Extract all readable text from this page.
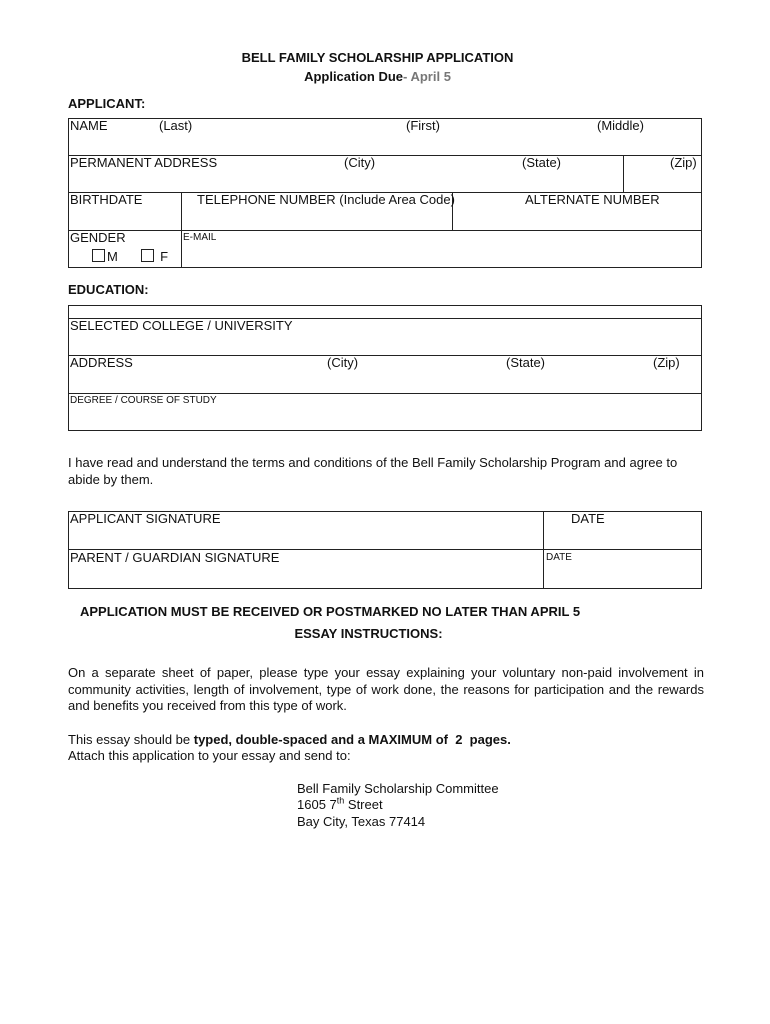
BELL FAMILY SCHOLARSHIP APPLICATION
Application Due- April 5
APPLICANT:
NAME	(Last)	(First)	(Middle)
PERMANENT ADDRESS	(City)	(State)	(Zip)
BIRTHDATE	TELEPHONE NUMBER (Include Area Code)	ALTERNATE NUMBER
GENDER
M	F
E-MAIL
EDUCATION:
SELECTED COLLEGE / UNIVERSITY
ADDRESS	(City)	(State)	(Zip)
DEGREE / COURSE OF STUDY
I have read and understand the terms and conditions of the Bell Family Scholarship Program and agree to abide by them.
APPLICANT SIGNATURE	DATE
PARENT / GUARDIAN SIGNATURE	DATE
APPLICATION MUST BE RECEIVED OR POSTMARKED NO LATER THAN APRIL 5
ESSAY INSTRUCTIONS:
On a separate sheet of paper, please type your essay explaining your voluntary non-paid involvement in community activities, length of involvement, type of work done, the reasons for participation and the rewards and benefits you received from this type of work.
This essay should be typed, double-spaced and a MAXIMUM of  2  pages.
Attach this application to your essay and send to:
Bell Family Scholarship Committee
1605 7th Street
Bay City, Texas 77414
